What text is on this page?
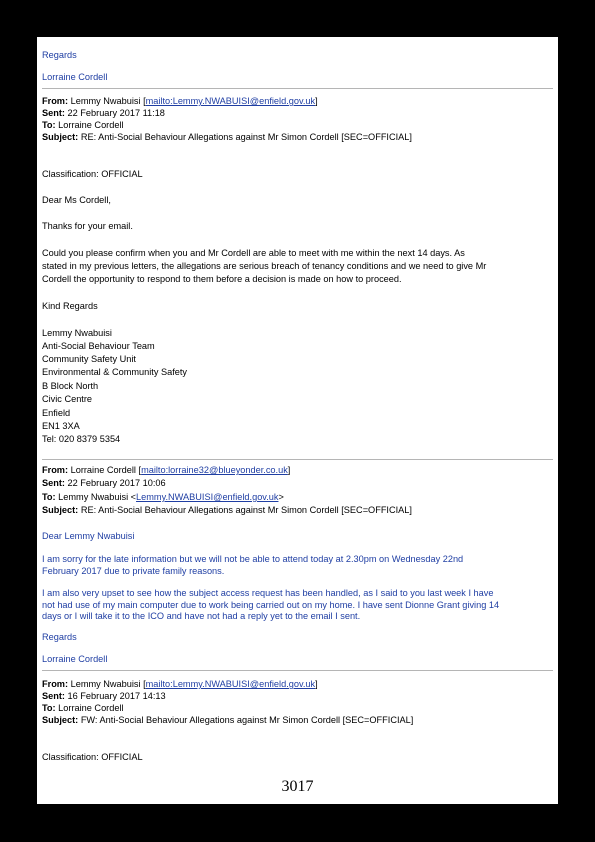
Regards
Lorraine Cordell
From: Lemmy Nwabuisi [mailto:Lemmy.NWABUISI@enfield.gov.uk]
Sent: 22 February 2017 11:18
To: Lorraine Cordell
Subject: RE: Anti-Social Behaviour Allegations against Mr Simon Cordell [SEC=OFFICIAL]
Classification: OFFICIAL
Dear Ms Cordell,
Thanks for your email.
Could you please confirm when you and Mr Cordell are able to meet with me within the next 14 days. As
stated in my previous letters, the allegations are serious breach of tenancy conditions and we need to give Mr
Cordell the opportunity to respond to them before a decision is made on how to proceed.
Kind Regards
Lemmy Nwabuisi
Anti-Social Behaviour Team
Community Safety Unit
Environmental & Community Safety
B Block North
Civic Centre
Enfield
EN1 3XA
Tel: 020 8379 5354
From: Lorraine Cordell [mailto:lorraine32@blueyonder.co.uk]
Sent: 22 February 2017 10:06
To: Lemmy Nwabuisi <Lemmy.NWABUISI@enfield.gov.uk>
Subject: RE: Anti-Social Behaviour Allegations against Mr Simon Cordell [SEC=OFFICIAL]
Dear Lemmy Nwabuisi
I am sorry for the late information but we will not be able to attend today at 2.30pm on Wednesday 22nd
February 2017 due to private family reasons.
I am also very upset to see how the subject access request has been handled, as I said to you last week I have
not had use of my main computer due to work being carried out on my home. I have sent Dionne Grant giving 14
days or I will take it to the ICO and have not had a reply yet to the email I sent.
Regards
Lorraine Cordell
From: Lemmy Nwabuisi [mailto:Lemmy.NWABUISI@enfield.gov.uk]
Sent: 16 February 2017 14:13
To: Lorraine Cordell
Subject: FW: Anti-Social Behaviour Allegations against Mr Simon Cordell [SEC=OFFICIAL]
Classification: OFFICIAL
3017
